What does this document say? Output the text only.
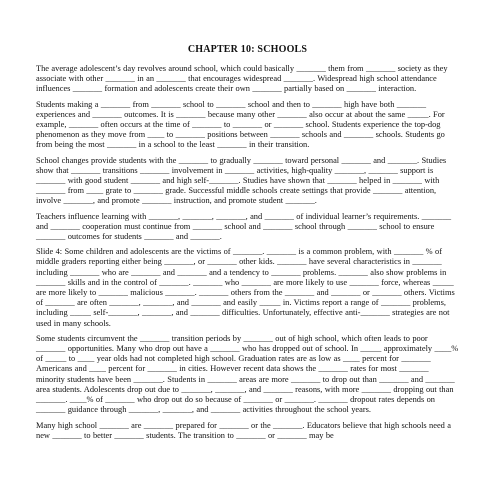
CHAPTER 10: SCHOOLS

The average adolescent’s day revolves around school, which could basically _______ them from _______ society as they associate with other _______ in an _______ that encourages widespread _______. Widespread high school attendance influences _______ formation and adolescents create their own _______ partially based on _______ interaction.

Students making a _______ from _______ school to _______ school and then to _______ high have both _______ experiences and _______ outcomes. It is _______ because many other _______ also occur at about the same _____. For example, _______ often occurs at the time of _______ to _______ or _______ school. Students experience the top-dog phenomenon as they move from ____ to _______ positions between _______ schools and _______ schools. Students go from being the most _______ in a school to the least _______ in their transition.

School changes provide students with the _______ to gradually _______ toward personal _______ and _______. Studies show that _______ transitions _______ involvement in _______ activities, high-quality _______, _______ support is _______ with good student _______ and high self-_______. Studies have shown that _______ helped in _______ with _______ from ____ grate to _______ grade. Successful middle schools create settings that provide _______ attention, involve _______, and promote _______ instruction, and promote student _______.

Teachers influence learning with _______, _______, _______, and _______ of individual learner’s requirements. _______ and _______ cooperation must continue from _______ school and _______ school through _______ school to ensure _______ outcomes for students _______ and _______.

Slide 4: Some children and adolescents are the victims of _______. _______ is a common problem, with _______ % of middle graders reporting either being _______, or _______ other kids. _______ have several characteristics in _______ including _______ who are _______ and _______ and a tendency to _______ problems. _______ also show problems in _______ skills and in the control of _______. _______ who _______ are more likely to use _______ force, whereas _____ are more likely to _______ malicious _______. _______ others from the _______ and _______ or _______ others. Victims of _______ are often _______, _______, and _______ and easily _____ in. Victims report a range of _______ problems, including _____ self-_______, _______, and _______ difficulties. Unfortunately, effective anti-_______ strategies are not used in many schools.

Some students circumvent the _______ transition periods by _______ out of high school, which often leads to poor _______ opportunities. Many who drop out have a _______ who has dropped out of school. In _____ approximately ____% of _____ to ____ year olds had not completed high school. Graduation rates are as low as ____ percent for _______ Americans and ____ percent for _______ in cities. However recent data shows the _______ rates for most _______ minority students have been _______. Students in _______ areas are more _______ to drop out than _______ and _______ area students. Adolescents drop out due to _______, _______, and _______ reasons, with more _______ dropping out than _______. ____% of _______ who drop out do so because of _______ or _______. _______ dropout rates depends on _______ guidance through _______, _______, and _______ activities throughout the school years.

Many high school _______ are _______ prepared for _______ or the _______. Educators believe that high schools need a new _______ to better _______ students. The transition to _______ or _______ may be
